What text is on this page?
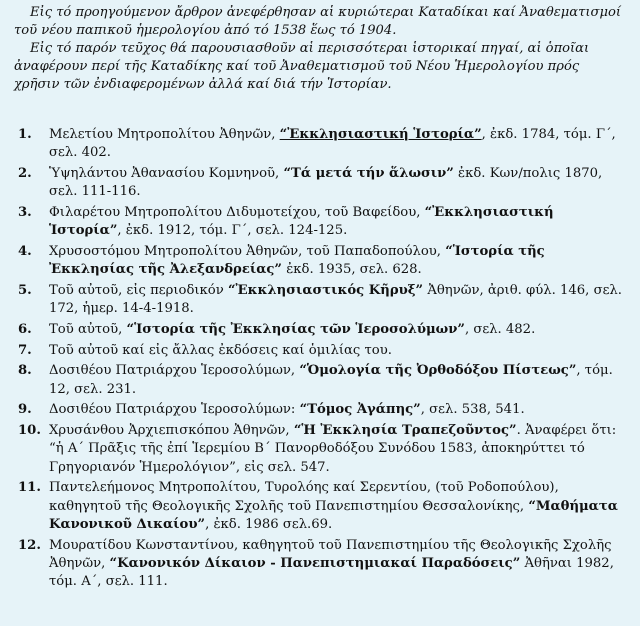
Εἰς τό προηγούμενον ἄρθρον ἀνεφέρθησαν αἱ κυριώτεραι Καταδίκαι καί Ἀναθεματισμοί τοῦ νέου παπικοῦ ἡμερολογίου ἀπό τό 1538 ἕως τό 1904.

Εἰς τό παρόν τεῦχος θά παρουσιασθοῦν αἱ περισσότεραι ἱστορικαί πηγαί, αἱ ὁποῖαι ἀναφέρουν περί τῆς Καταδίκης καί τοῦ Ἀναθεματισμοῦ τοῦ Νέου Ἡμερολογίου πρός χρῆσιν τῶν ἐνδιαφερομένων ἀλλά καί διά τήν Ἱστορίαν.

1. Μελετίου Μητροπολίτου Ἀθηνῶν, “Ἐκκλησιαστική Ἱστορία”, ἐκδ. 1784, τόμ. Γ΄, σελ. 402.
2. Ὑψηλάντου Ἀθανασίου Κομνηνοῦ, “Τά μετά τήν ἅλωσιν” ἐκδ. Κων/πολις 1870, σελ. 111-116.
3. Φιλαρέτου Μητροπολίτου Διδυμοτείχου, τοῦ Βαφείδου, “Ἐκκλησιαστική Ἱστορία”, ἐκδ. 1912, τόμ. Γ΄, σελ. 124-125.
4. Χρυσοστόμου Μητροπολίτου Ἀθηνῶν, τοῦ Παπαδοπούλου, “Ἱστορία τῆς Ἐκκλησίας τῆς Ἀλεξανδρείας” ἐκδ. 1935, σελ. 628.
5. Τοῦ αὐτοῦ, εἰς περιοδικόν “Ἐκκλησιαστικός Κῆρυξ” Ἀθηνῶν, ἀριθ. φύλ. 146, σελ. 172, ἡμερ. 14-4-1918.
6. Τοῦ αὐτοῦ, “Ἱστορία τῆς Ἐκκλησίας τῶν Ἱεροσολύμων”, σελ. 482.
7. Τοῦ αὐτοῦ καί εἰς ἄλλας ἐκδόσεις καί ὁμιλίας του.
8. Δοσιθέου Πατριάρχου Ἱεροσολύμων, “Ὁμολογία τῆς Ὀρθοδόξου Πίστεως”, τόμ. 12, σελ. 231.
9. Δοσιθέου Πατριάρχου Ἱεροσολύμων: “Τόμος Ἀγάπης”, σελ. 538, 541.
10. Χρυσάνθου Ἀρχιεπισκόπου Ἀθηνῶν, “Ἡ Ἐκκλησία Τραπεζοῦντος”. Ἀναφέρει ὅτι: “ἡ Α΄ Πρᾶξις τῆς ἐπί Ἱερεμίου Β΄ Πανορθοδόξου Συνόδου 1583, ἀποκηρύττει τό Γρηγοριανόν Ἡμερολόγιον”, εἰς σελ. 547.
11. Παντελεήμονος Μητροπολίτου, Τυρολόης καί Σερεντίου, (τοῦ Ροδοπούλου), καθηγητοῦ τῆς Θεολογικῆς Σχολῆς τοῦ Πανεπιστημίου Θεσσαλονίκης, “Μαθήματα Κανονικοῦ Δικαίου”, ἐκδ. 1986 σελ.69.
12. Μουρατίδου Κωνσταντίνου, καθηγητοῦ τοῦ Πανεπιστημίου τῆς Θεολογικῆς Σχολῆς Ἀθηνῶν, “Κανονικόν Δίκαιον - Πανεπιστημιακαί Παραδόσεις” Ἀθῆναι 1982, τόμ. Α΄, σελ. 111.
